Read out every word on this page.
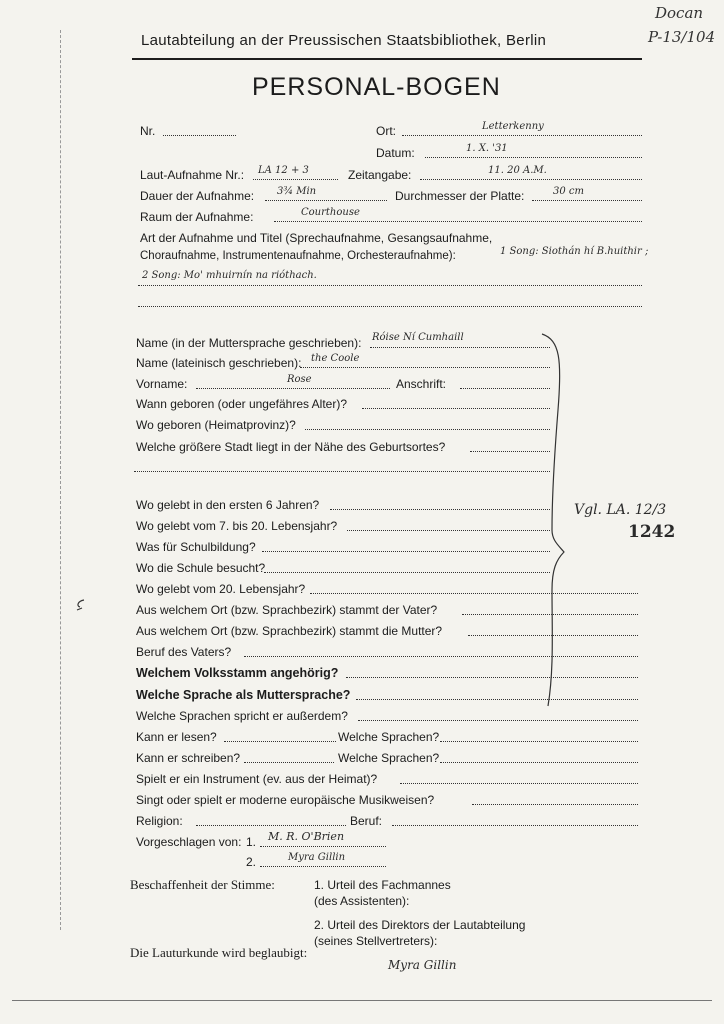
Docan
P-13/104
Lautabteilung an der Preussischen Staatsbibliothek, Berlin
PERSONAL-BOGEN
Nr.	Ort:	Letterkenny
Datum:	1. X. '31
Laut-Aufnahme Nr.: LA 12 + 3	Zeitangabe:	11. 20 A.M.
Dauer der Aufnahme: 3¾ Min	Durchmesser der Platte:	30 cm
Raum der Aufnahme:	Courthouse
Art der Aufnahme und Titel (Sprechaufnahme, Gesangsaufnahme,
Choraufnahme, Instrumentenaufnahme, Orchesteraufnahme):	1 Song: Siothán hí B.huithir ;
2 Song: Mo' mhuirnín na rióthach.
Name (in der Muttersprache geschrieben): Róise Ní Cumhaill
Name (lateinisch geschrieben): the Coole
Vorname:	Rose	Anschrift:
Wann geboren (oder ungefähres Alter)?
Wo geboren (Heimatprovinz)?
Welche größere Stadt liegt in der Nähe des Geburtsortes?
Wo gelebt in den ersten 6 Jahren?
Wo gelebt vom 7. bis 20. Lebensjahr?
Was für Schulbildung?
Wo die Schule besucht?
Wo gelebt vom 20. Lebensjahr?
Aus welchem Ort (bzw. Sprachbezirk) stammt der Vater?
Aus welchem Ort (bzw. Sprachbezirk) stammt die Mutter?
Beruf des Vaters?
Welchem Volksstamm angehörig?
Welche Sprache als Muttersprache?
Welche Sprachen spricht er außerdem?
Kann er lesen?	Welche Sprachen?
Kann er schreiben?	Welche Sprachen?
Spielt er ein Instrument (ev. aus der Heimat)?
Singt oder spielt er moderne europäische Musikweisen?
Religion:	Beruf:
Vorgeschlagen von: 1. M. R. O'Brien
2.	Myra Gillin
Vgl. LA. 12/3
1242
Beschaffenheit der Stimme:	1. Urteil des Fachmannes
(des Assistenten):
2. Urteil des Direktors der Lautabteilung
(seines Stellvertreters):
Die Lauturkunde wird beglaubigt:
Myra Gillin
